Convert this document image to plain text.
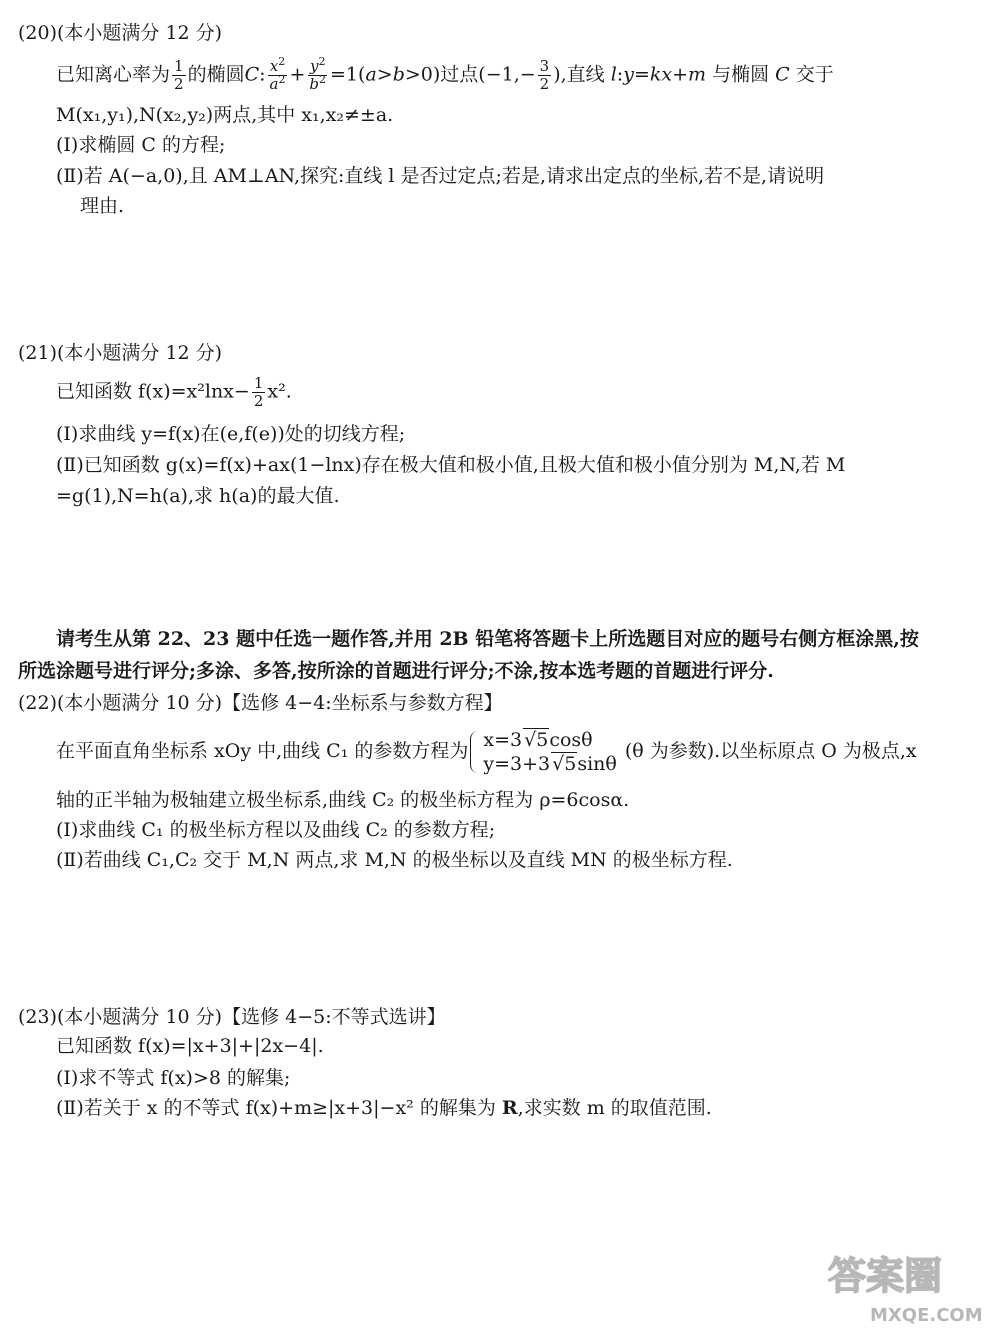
(20)(本小题满分 12 分)
已知离心率为 $\frac{1}{2}$ 的椭圆C: $\frac{x^2}{a^2} + \frac{y^2}{b^2} =1(a>b>0)$过点($-1,- \frac{3}{2}$ ),直线 l:y=kx+m 与椭圆 C 交于
M(x₁,y₁),N(x₂,y₂)两点,其中 x₁,x₂≠±a.
(Ⅰ)求椭圆 C 的方程;
(Ⅱ)若 A(−a,0),且 AM⊥AN,探究:直线 l 是否过定点;若是,请求出定点的坐标,若不是,请说明
理由.
(21)(本小题满分 12 分)
已知函数 $f(x)=x^2\ln x- \frac{1}{2} x^2$.
(Ⅰ)求曲线 y=f(x)在(e,f(e))处的切线方程;
(Ⅱ)已知函数 g(x)=f(x)+ax(1−lnx)存在极大值和极小值,且极大值和极小值分别为 M,N,若 M
=g(1),N=h(a),求 h(a)的最大值.
请考生从第 22、23 题中任选一题作答,并用 2B 铅笔将答题卡上所选题目对应的题号右侧方框涂黑,按
所选涂题号进行评分;多涂、多答,按所涂的首题进行评分;不涂,按本选考题的首题进行评分.
(22)(本小题满分 10 分)【选修 4−4:坐标系与参数方程】
在平面直角坐标系 xOy 中,曲线 C₁ 的参数方程为 x=3 √5cosθ
y=3+3 √5sinθ
(θ 为参数).以坐标原点 O 为极点,x
轴的正半轴为极轴建立极坐标系,曲线 C₂ 的极坐标方程为 ρ=6cosα.
(Ⅰ)求曲线 C₁ 的极坐标方程以及曲线 C₂ 的参数方程;
(Ⅱ)若曲线 C₁,C₂ 交于 M,N 两点,求 M,N 的极坐标以及直线 MN 的极坐标方程.
(23)(本小题满分 10 分)【选修 4−5:不等式选讲】
已知函数 f(x)=|x+3|+|2x−4|.
(Ⅰ)求不等式 f(x)>8 的解集;
(Ⅱ)若关于 x 的不等式 f(x)+m≥|x+3|−x² 的解集为 R,求实数 m 的取值范围.
答案圈
MXQE.COM
